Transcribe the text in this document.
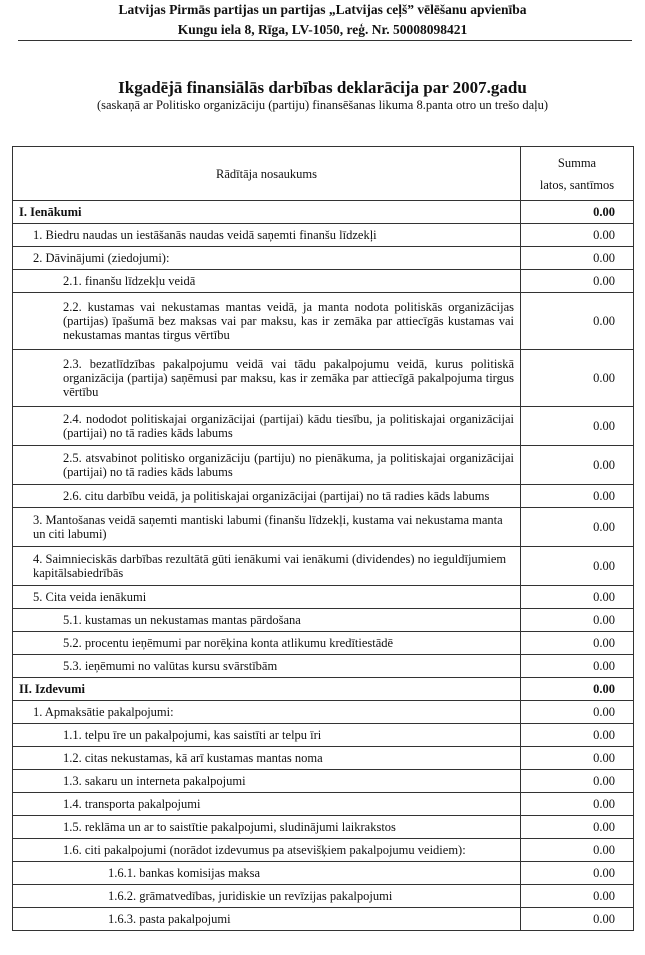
Latvijas Pirmās partijas un partijas „Latvijas ceļš” vēlēšanu apvienība
Kungu iela 8, Rīga, LV-1050, reģ. Nr. 50008098421
Ikgadējā finansiālās darbības deklarācija par 2007.gadu
(saskaņā ar Politisko organizāciju (partiju) finansēšanas likuma 8.panta otro un trešo daļu)
Rādītāja nosaukums	Summa
latos, santīmos

I. Ienākumi	0.00
1. Biedru naudas un iestāšanās naudas veidā saņemti finanšu līdzekļi	0.00
2. Dāvinājumi (ziedojumi):	0.00
2.1. finanšu līdzekļu veidā	0.00
2.2. kustamas vai nekustamas mantas veidā, ja manta nodota politiskās organizācijas (partijas) īpašumā bez maksas vai par maksu, kas ir zemāka par attiecīgās kustamas vai nekustamas mantas tirgus vērtību	0.00
2.3. bezatlīdzības pakalpojumu veidā vai tādu pakalpojumu veidā, kurus politiskā organizācija (partija) saņēmusi par maksu, kas ir zemāka par attiecīgā pakalpojuma tirgus vērtību	0.00
2.4. nododot politiskajai organizācijai (partijai) kādu tiesību, ja politiskajai organizācijai (partijai) no tā radies kāds labums	0.00
2.5. atsvabinot politisko organizāciju (partiju) no pienākuma, ja politiskajai organizācijai (partijai) no tā radies kāds labums	0.00
2.6. citu darbību veidā, ja politiskajai organizācijai (partijai) no tā radies kāds labums	0.00
3. Mantošanas veidā saņemti mantiski labumi (finanšu līdzekļi, kustama vai nekustama manta un citi labumi)	0.00
4. Saimnieciskās darbības rezultātā gūti ienākumi vai ienākumi (dividendes) no ieguldījumiem kapitālsabiedrībās	0.00
5. Cita veida ienākumi	0.00
5.1. kustamas un nekustamas mantas pārdošana	0.00
5.2. procentu ieņēmumi par norēķina konta atlikumu kredītiestādē	0.00
5.3. ieņēmumi no valūtas kursu svārstībām	0.00
II. Izdevumi	0.00
1. Apmaksātie pakalpojumi:	0.00
1.1. telpu īre un pakalpojumi, kas saistīti ar telpu īri	0.00
1.2. citas nekustamas, kā arī kustamas mantas noma	0.00
1.3. sakaru un interneta pakalpojumi	0.00
1.4. transporta pakalpojumi	0.00
1.5. reklāma un ar to saistītie pakalpojumi, sludinājumi laikrakstos	0.00
1.6. citi pakalpojumi (norādot izdevumus pa atsevišķiem pakalpojumu veidiem):	0.00
1.6.1. bankas komisijas maksa	0.00
1.6.2. grāmatvedības, juridiskie un revīzijas pakalpojumi	0.00
1.6.3. pasta pakalpojumi	0.00
